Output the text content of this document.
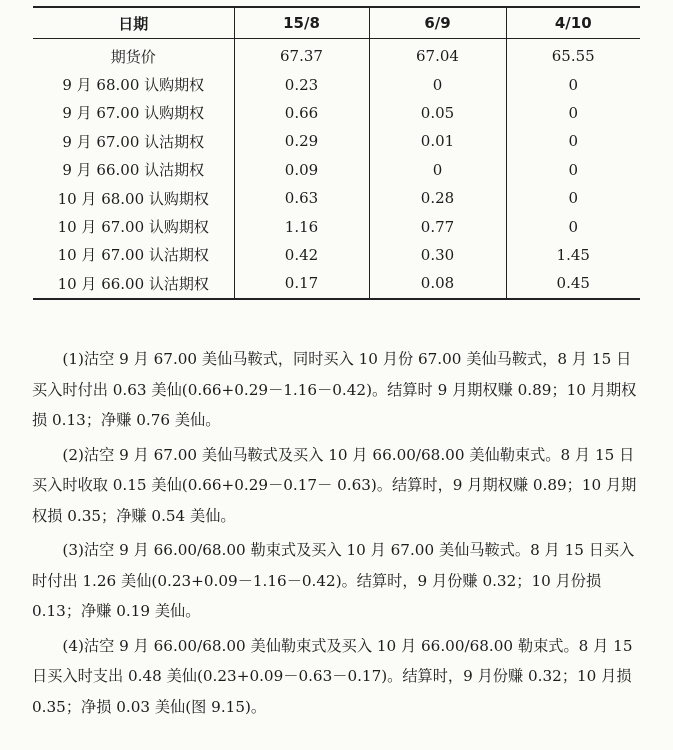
日期	15/8	6/9	4/10
期货价	67.37	67.04	65.55
9 月 68.00 认购期权	0.23	0	0
9 月 67.00 认购期权	0.66	0.05	0
9 月 67.00 认沽期权	0.29	0.01	0
9 月 66.00 认沽期权	0.09	0	0
10 月 68.00 认购期权	0.63	0.28	0
10 月 67.00 认购期权	1.16	0.77	0
10 月 67.00 认沽期权	0.42	0.30	1.45
10 月 66.00 认沽期权	0.17	0.08	0.45

(1)沽空 9 月 67.00 美仙马鞍式，同时买入 10 月份 67.00 美仙马鞍式，8 月 15 日买入时付出 0.63 美仙(0.66+0.29－1.16－0.42)。结算时 9 月期权赚 0.89；10 月期权损 0.13；净赚 0.76 美仙。

(2)沽空 9 月 67.00 美仙马鞍式及买入 10 月 66.00/68.00 美仙勒束式。8 月 15 日买入时收取 0.15 美仙(0.66+0.29－0.17－ 0.63)。结算时，9 月期权赚 0.89；10 月期权损 0.35；净赚 0.54 美仙。

(3)沽空 9 月 66.00/68.00 勒束式及买入 10 月 67.00 美仙马鞍式。8 月 15 日买入时付出 1.26 美仙(0.23+0.09－1.16－0.42)。结算时，9 月份赚 0.32；10 月份损 0.13；净赚 0.19 美仙。

(4)沽空 9 月 66.00/68.00 美仙勒束式及买入 10 月 66.00/68.00 勒束式。8 月 15 日买入时支出 0.48 美仙(0.23+0.09－0.63－0.17)。结算时，9 月份赚 0.32；10 月损 0.35；净损 0.03 美仙(图 9.15)。
